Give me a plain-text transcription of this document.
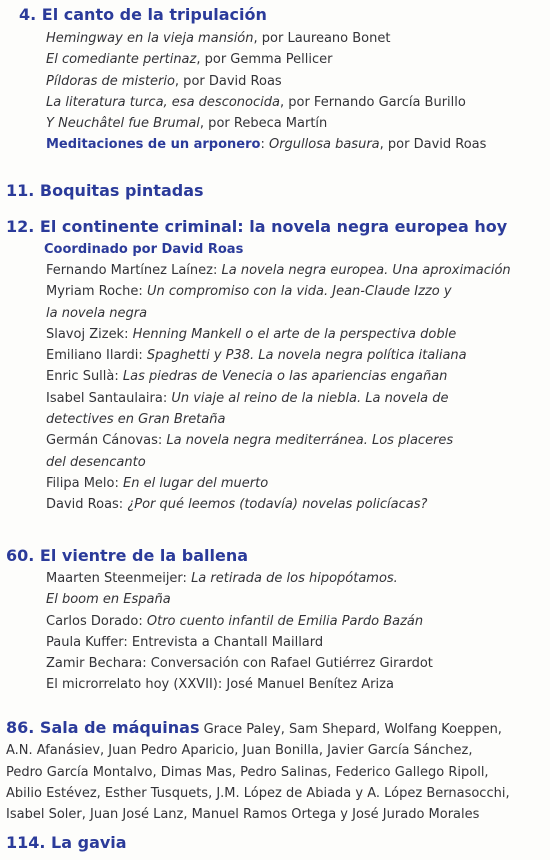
4. El canto de la tripulación
Hemingway en la vieja mansión, por Laureano Bonet
El comediante pertinaz, por Gemma Pellicer
Píldoras de misterio, por David Roas
La literatura turca, esa desconocida, por Fernando García Burillo
Y Neuchâtel fue Brumal, por Rebeca Martín
Meditaciones de un arponero: Orgullosa basura, por David Roas
11. Boquitas pintadas
12. El continente criminal: la novela negra europea hoy
Coordinado por David Roas
Fernando Martínez Laínez: La novela negra europea. Una aproximación
Myriam Roche: Un compromiso con la vida. Jean-Claude Izzo y
la novela negra
Slavoj Zizek: Henning Mankell o el arte de la perspectiva doble
Emiliano Ilardi: Spaghetti y P38. La novela negra política italiana
Enric Sullà: Las piedras de Venecia o las apariencias engañan
Isabel Santaulaira: Un viaje al reino de la niebla. La novela de
detectives en Gran Bretaña
Germán Cánovas: La novela negra mediterránea. Los placeres
del desencanto
Filipa Melo: En el lugar del muerto
David Roas: ¿Por qué leemos (todavía) novelas policíacas?
60. El vientre de la ballena
Maarten Steenmeijer: La retirada de los hipopótamos.
El boom en España
Carlos Dorado: Otro cuento infantil de Emilia Pardo Bazán
Paula Kuffer: Entrevista a Chantall Maillard
Zamir Bechara: Conversación con Rafael Gutiérrez Girardot
El microrrelato hoy (XXVII): José Manuel Benítez Ariza
86. Sala de máquinas Grace Paley, Sam Shepard, Wolfang Koeppen,
A.N. Afanásiev, Juan Pedro Aparicio, Juan Bonilla, Javier García Sánchez,
Pedro García Montalvo, Dimas Mas, Pedro Salinas, Federico Gallego Ripoll,
Abilio Estévez, Esther Tusquets, J.M. López de Abiada y A. López Bernasocchi,
Isabel Soler, Juan José Lanz, Manuel Ramos Ortega y José Jurado Morales
114. La gavia
